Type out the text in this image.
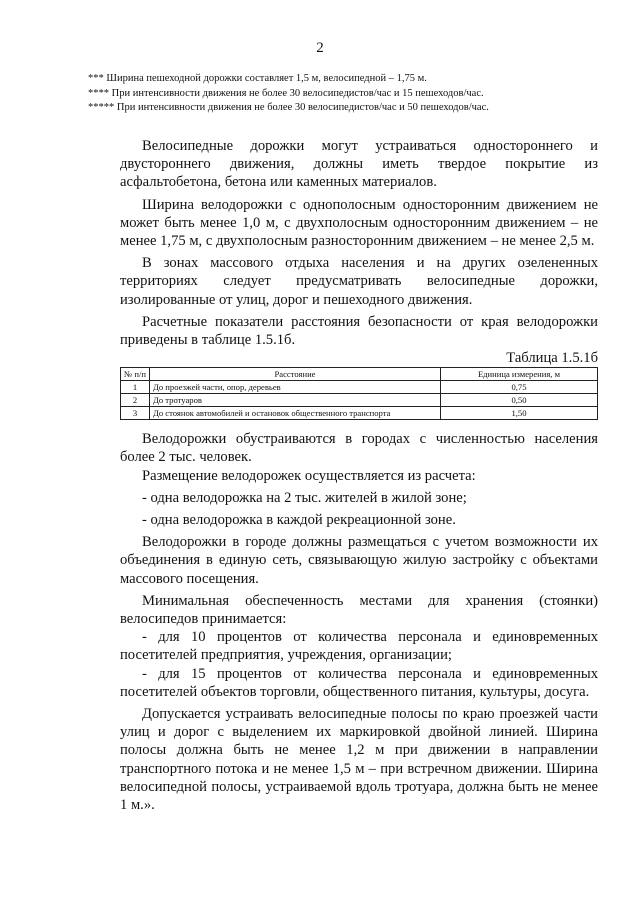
2
*** Ширина пешеходной дорожки составляет 1,5 м, велосипедной – 1,75 м.
**** При интенсивности движения не более 30 велосипедистов/час и 15 пешеходов/час.
***** При интенсивности движения не более 30 велосипедистов/час и 50 пешеходов/час.

Велосипедные дорожки могут устраиваться одностороннего и двустороннего движения, должны иметь твердое покрытие из асфальтобетона, бетона или каменных материалов.

Ширина велодорожки с однополосным односторонним движением не может быть менее 1,0 м, с двухполосным односторонним движением – не менее 1,75 м, с двухполосным разносторонним движением – не менее 2,5 м.

В зонах массового отдыха населения и на других озелененных территориях следует предусматривать велосипедные дорожки, изолированные от улиц, дорог и пешеходного движения.

Расчетные показатели расстояния безопасности от края велодорожки приведены в таблице 1.5.1б.

Таблица 1.5.1б
№ п/п	Расстояние	Единица измерения, м
1	До проезжей части, опор, деревьев	0,75
2	До тротуаров	0,50
3	До стоянок автомобилей и остановок общественного транспорта	1,50

Велодорожки обустраиваются в городах с численностью населения более 2 тыс. человек.

Размещение велодорожек осуществляется из расчета:

- одна велодорожка на 2 тыс. жителей в жилой зоне;

- одна велодорожка в каждой рекреационной зоне.

Велодорожки в городе должны размещаться с учетом возможности их объединения в единую сеть, связывающую жилую застройку с объектами массового посещения.

Минимальная обеспеченность местами для хранения (стоянки) велосипедов принимается:

- для 10 процентов от количества персонала и единовременных посетителей предприятия, учреждения, организации;

- для 15 процентов от количества персонала и единовременных посетителей объектов торговли, общественного питания, культуры, досуга.

Допускается устраивать велосипедные полосы по краю проезжей части улиц и дорог с выделением их маркировкой двойной линией. Ширина полосы должна быть не менее 1,2 м при движении в направлении транспортного потока и не менее 1,5 м – при встречном движении. Ширина велосипедной полосы, устраиваемой вдоль тротуара, должна быть не менее 1 м.».
